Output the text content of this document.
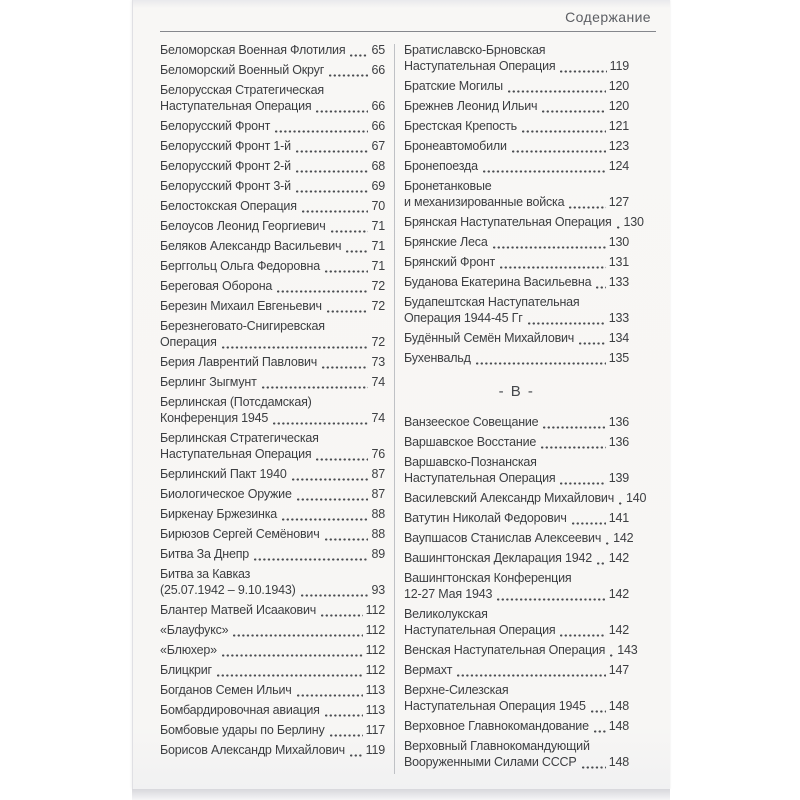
Содержание
Беломорская Военная Флотилия 65
Беломорский Военный Округ	66
Белорусская Стратегическая
Наступательная Операция	66
Белорусский Фронт	66
Белорусский Фронт 1-й	67
Белорусский Фронт 2-й	68
Белорусский Фронт 3-й	69
Белостокская Операция	70
Белоусов Леонид Георгиевич	71
Беляков Александр Васильевич 71
Берггольц Ольга Федоровна	71
Береговая Оборона	72
Березин Михаил Евгеньевич	72
Березнеговато-Снигиревская
Операция	72
Берия Лаврентий Павлович	73
Берлинг Зыгмунт	74
Берлинская (Потсдамская)
Конференция 1945	74
Берлинская Стратегическая
Наступательная Операция	76
Берлинский Пакт 1940	87
Биологическое Оружие	87
Биркенау Бржезинка	88
Бирюзов Сергей Семёнович	88
Битва За Днепр	89
Битва за Кавказ
(25.07.1942 – 9.10.1943)	93
Блантер Матвей Исаакович	112
«Блауфукс»	112
«Блюхер»	112
Блицкриг	112
Богданов Семен Ильич	113
Бомбардировочная авиация	113
Бомбовые удары по Берлину	117
Борисов Александр Михайлович 119
Братиславско-Брновская
Наступательная Операция	119
Братские Могилы	120
Брежнев Леонид Ильич	120
Брестская Крепость	121
Бронеавтомобили	123
Бронепоезда	124
Бронетанковые
и механизированные войска	127
Брянская Наступательная Операция 130
Брянские Леса	130
Брянский Фронт	131
Буданова Екатерина Васильевна 133
Будапештская Наступательная
Операция 1944-45 Гг	133
Будённый Семён Михайлович	134
Бухенвальд	135
- В -
Ванзееское Совещание	136
Варшавское Восстание	136
Варшавско-Познанская
Наступательная Операция	139
Василевский Александр Михайлович 140
Ватутин Николай Федорович	141
Ваупшасов Станислав Алексеевич 142
Вашингтонская Декларация 1942 142
Вашингтонская Конференция
12-27 Мая 1943	142
Великолукская
Наступательная Операция	142
Венская Наступательная Операция 143
Вермахт	147
Верхне-Силезская
Наступательная Операция 1945 148
Верховное Главнокомандование 148
Верховный Главнокомандующий
Вооруженными Силами СССР	148
